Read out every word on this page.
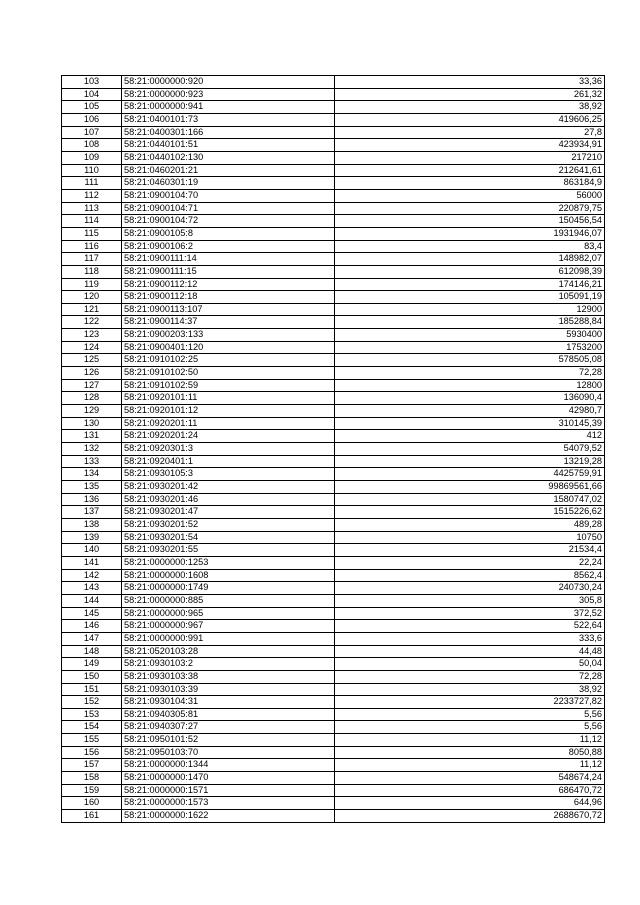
103	58:21:0000000:920	33,36
104	58:21:0000000:923	261,32
105	58:21:0000000:941	38,92
106	58:21:0400101:73	419606,25
107	58:21:0400301:166	27,8
108	58:21:0440101:51	423934,91
109	58:21:0440102:130	217210
110	58:21:0460201:21	212641,61
111	58:21:0460301:19	863184,9
112	58:21:0900104:70	56000
113	58:21:0900104:71	220879,75
114	58:21:0900104:72	150456,54
115	58:21:0900105:8	1931946,07
116	58:21:0900106:2	83,4
117	58:21:0900111:14	148982,07
118	58:21:0900111:15	612098,39
119	58:21:0900112:12	174146,21
120	58:21:0900112:18	105091,19
121	58:21:0900113:107	12900
122	58:21:0900114:37	185288,84
123	58:21:0900203:133	5930400
124	58:21:0900401:120	1753200
125	58:21:0910102:25	578505,08
126	58:21:0910102:50	72,28
127	58:21:0910102:59	12800
128	58:21:0920101:11	136090,4
129	58:21:0920101:12	42980,7
130	58:21:0920201:11	310145,39
131	58:21:0920201:24	412
132	58:21:0920301:3	54079,52
133	58:21:0920401:1	13219,28
134	58:21:0930105:3	4425759,91
135	58:21:0930201:42	99869561,66
136	58:21:0930201:46	1580747,02
137	58:21:0930201:47	1515226,62
138	58:21:0930201:52	489,28
139	58:21:0930201:54	10750
140	58:21:0930201:55	21534,4
141	58:21:0000000:1253	22,24
142	58:21:0000000:1608	8562,4
143	58:21:0000000:1749	240730,24
144	58:21:0000000:885	305,8
145	58:21:0000000:965	372,52
146	58:21:0000000:967	522,64
147	58:21:0000000:991	333,6
148	58:21:0520103:28	44,48
149	58:21:0930103:2	50,04
150	58:21:0930103:38	72,28
151	58:21:0930103:39	38,92
152	58:21:0930104:31	2233727,82
153	58:21:0940305:81	5,56
154	58:21:0940307:27	5,56
155	58:21:0950101:52	11,12
156	58:21:0950103:70	8050,88
157	58:21:0000000:1344	11,12
158	58:21:0000000:1470	548674,24
159	58:21:0000000:1571	686470,72
160	58:21:0000000:1573	644,96
161	58:21:0000000:1622	2688670,72
